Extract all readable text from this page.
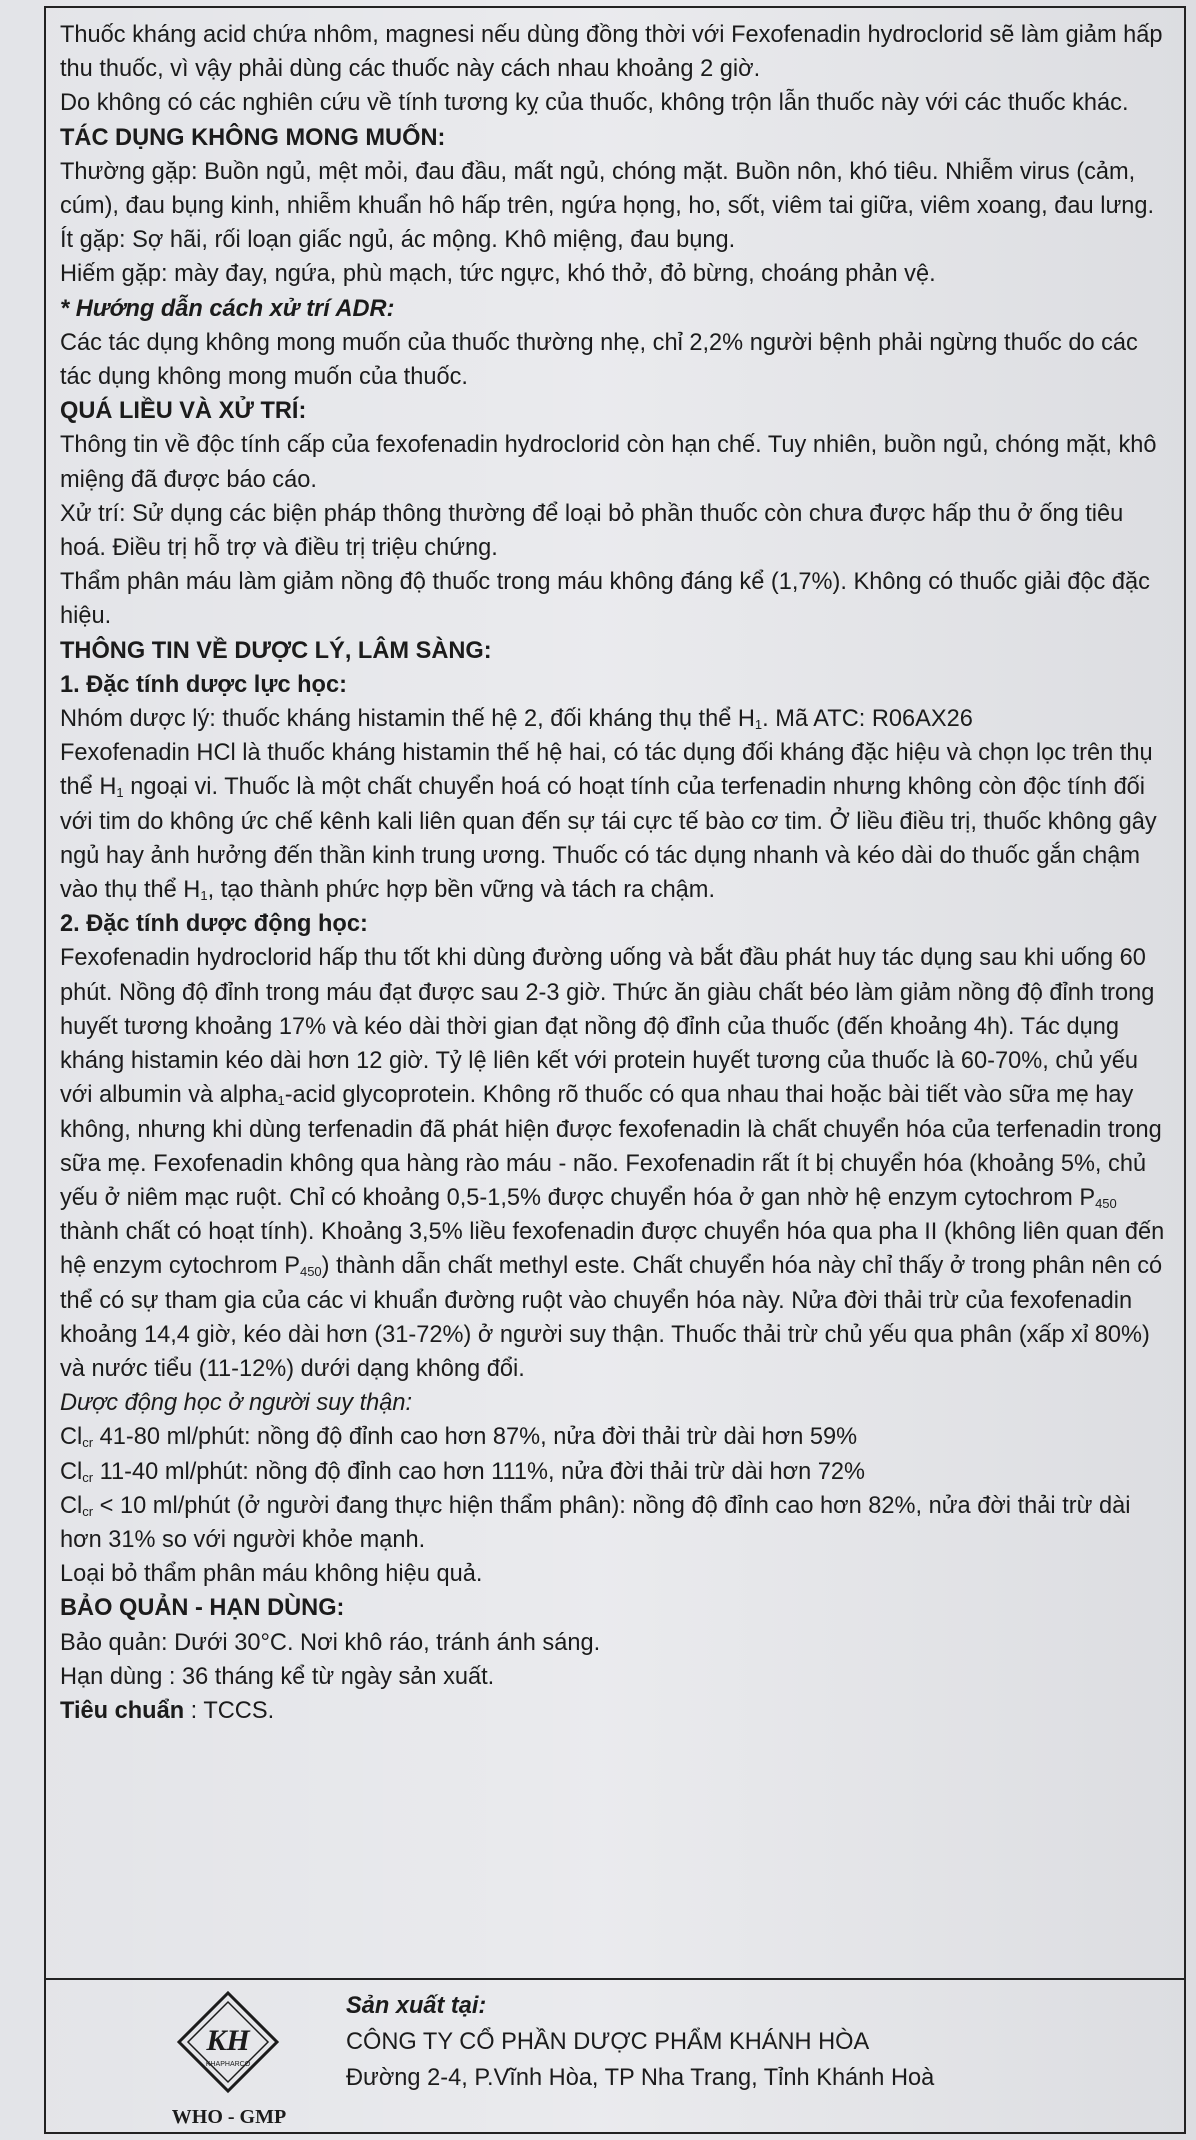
Thuốc kháng acid chứa nhôm, magnesi nếu dùng đồng thời với Fexofenadin hydroclorid sẽ làm giảm hấp thu thuốc, vì vậy phải dùng các thuốc này cách nhau khoảng 2 giờ.

Do không có các nghiên cứu về tính tương kỵ của thuốc, không trộn lẫn thuốc này với các thuốc khác.

TÁC DỤNG KHÔNG MONG MUỐN:

Thường gặp: Buồn ngủ, mệt mỏi, đau đầu, mất ngủ, chóng mặt. Buồn nôn, khó tiêu. Nhiễm virus (cảm, cúm), đau bụng kinh, nhiễm khuẩn hô hấp trên, ngứa họng, ho, sốt, viêm tai giữa, viêm xoang, đau lưng.

Ít gặp: Sợ hãi, rối loạn giấc ngủ, ác mộng. Khô miệng, đau bụng.

Hiếm gặp: mày đay, ngứa, phù mạch, tức ngực, khó thở, đỏ bừng, choáng phản vệ.

* Hướng dẫn cách xử trí ADR:

Các tác dụng không mong muốn của thuốc thường nhẹ, chỉ 2,2% người bệnh phải ngừng thuốc do các tác dụng không mong muốn của thuốc.

QUÁ LIỀU VÀ XỬ TRÍ:

Thông tin về độc tính cấp của fexofenadin hydroclorid còn hạn chế. Tuy nhiên, buồn ngủ, chóng mặt, khô miệng đã được báo cáo.

Xử trí: Sử dụng các biện pháp thông thường để loại bỏ phần thuốc còn chưa được hấp thu ở ống tiêu hoá. Điều trị hỗ trợ và điều trị triệu chứng.

Thẩm phân máu làm giảm nồng độ thuốc trong máu không đáng kể (1,7%). Không có thuốc giải độc đặc hiệu.

THÔNG TIN VỀ DƯỢC LÝ, LÂM SÀNG:

1. Đặc tính dược lực học:

Nhóm dược lý: thuốc kháng histamin thế hệ 2, đối kháng thụ thể $H_1$. Mã ATC: R06AX26

Fexofenadin HCl là thuốc kháng histamin thế hệ hai, có tác dụng đối kháng đặc hiệu và chọn lọc trên thụ thể $H_1$ ngoại vi. Thuốc là một chất chuyển hoá có hoạt tính của terfenadin nhưng không còn độc tính đối với tim do không ức chế kênh kali liên quan đến sự tái cực tế bào cơ tim. Ở liều điều trị, thuốc không gây ngủ hay ảnh hưởng đến thần kinh trung ương. Thuốc có tác dụng nhanh và kéo dài do thuốc gắn chậm vào thụ thể $H_1$, tạo thành phức hợp bền vững và tách ra chậm.

2. Đặc tính dược động học:

Fexofenadin hydroclorid hấp thu tốt khi dùng đường uống và bắt đầu phát huy tác dụng sau khi uống 60 phút. Nồng độ đỉnh trong máu đạt được sau 2-3 giờ. Thức ăn giàu chất béo làm giảm nồng độ đỉnh trong huyết tương khoảng 17% và kéo dài thời gian đạt nồng độ đỉnh của thuốc (đến khoảng 4h). Tác dụng kháng histamin kéo dài hơn 12 giờ. Tỷ lệ liên kết với protein huyết tương của thuốc là 60-70%, chủ yếu với albumin và alpha$_1$-acid glycoprotein. Không rõ thuốc có qua nhau thai hoặc bài tiết vào sữa mẹ hay không, nhưng khi dùng terfenadin đã phát hiện được fexofenadin là chất chuyển hóa của terfenadin trong sữa mẹ. Fexofenadin không qua hàng rào máu - não. Fexofenadin rất ít bị chuyển hóa (khoảng 5%, chủ yếu ở niêm mạc ruột. Chỉ có khoảng 0,5-1,5% được chuyển hóa ở gan nhờ hệ enzym cytochrom $P_{450}$ thành chất có hoạt tính). Khoảng 3,5% liều fexofenadin được chuyển hóa qua pha II (không liên quan đến hệ enzym cytochrom $P_{450}$) thành dẫn chất methyl este. Chất chuyển hóa này chỉ thấy ở trong phân nên có thể có sự tham gia của các vi khuẩn đường ruột vào chuyển hóa này. Nửa đời thải trừ của fexofenadin khoảng 14,4 giờ, kéo dài hơn (31-72%) ở người suy thận. Thuốc thải trừ chủ yếu qua phân (xấp xỉ 80%) và nước tiểu (11-12%) dưới dạng không đổi.

Dược động học ở người suy thận:

$Cl_{cr}$ 41-80 ml/phút: nồng độ đỉnh cao hơn 87%, nửa đời thải trừ dài hơn 59%

$Cl_{cr}$ 11-40 ml/phút: nồng độ đỉnh cao hơn 111%, nửa đời thải trừ dài hơn 72%

$Cl_{cr} < 10$ ml/phút (ở người đang thực hiện thẩm phân): nồng độ đỉnh cao hơn 82%, nửa đời thải trừ dài hơn 31% so với người khỏe mạnh.

Loại bỏ thẩm phân máu không hiệu quả.

BẢO QUẢN - HẠN DÙNG:

Bảo quản: Dưới 30°C. Nơi khô ráo, tránh ánh sáng.

Hạn dùng : 36 tháng kể từ ngày sản xuất.

Tiêu chuẩn : TCCS.

KH
KHAPHARCO
WHO - GMP
Sản xuất tại:
CÔNG TY CỔ PHẦN DƯỢC PHẨM KHÁNH HÒA
Đường 2-4, P.Vĩnh Hòa, TP Nha Trang, Tỉnh Khánh Hoà
